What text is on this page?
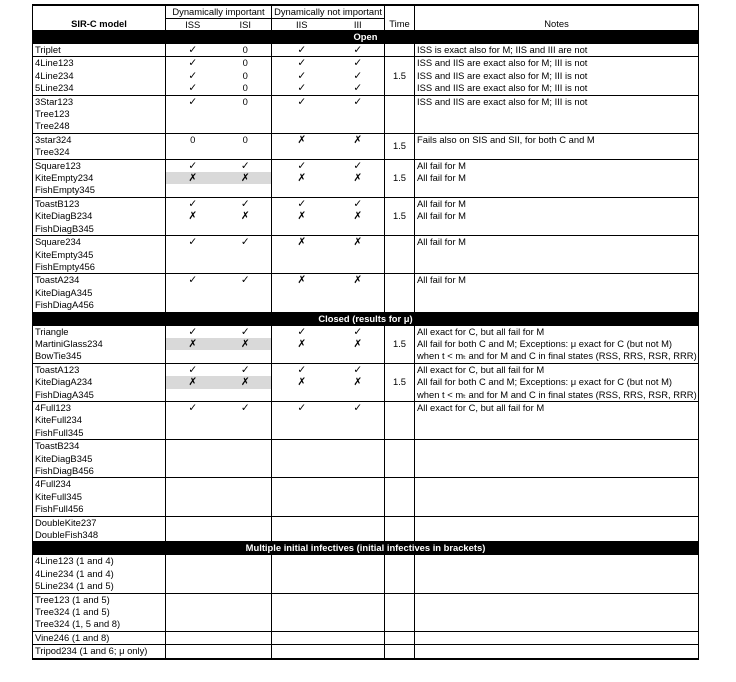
SIR-C model	Dynamically important		Dynamically not important		Time	Notes
	ISS	ISI	IIS	III		
Open						
Triplet	✓	0	✓	✓		ISS is exact also for M; IIS and III are not
4Line123	✓	0	✓	✓	1.5	ISS and IIS are exact also for M; III is not
4Line234	✓	0	✓	✓		ISS and IIS are exact also for M; III is not
5Line234	✓	0	✓	✓		ISS and IIS are exact also for M; III is not
3Star123	✓	0	✓	✓		ISS and IIS are exact also for M; III is not
Tree123						
Tree248						
3star324	0	0	✗	✗	1.5	Fails also on SIS and SII, for both C and M
Tree324						
Square123	✓	✓	✓	✓	1.5	All fail for M
KiteEmpty234	✗	✗	✗	✗		All fail for M
FishEmpty345						
ToastB123	✓	✓	✓	✓	1.5	All fail for M
KiteDiagB234	✗	✗	✗	✗		All fail for M
FishDiagB345						
Square234	✓	✓	✗	✗		All fail for M
KiteEmpty345						
FishEmpty456						
ToastA234	✓	✓	✗	✗		All fail for M
KiteDiagA345						
FishDiagA456						
Closed (results for μ)						
Triangle	✓	✓	✓	✓	1.5	All exact for C, but all fail for M
MartiniGlass234	✗	✗	✗	✗		All fail for both C and M; Exceptions: μ exact for C (but not M)
BowTie345						when t < mₜ and for M and C in final states (RSS, RRS, RSR, RRR)
ToastA123	✓	✓	✓	✓	1.5	All exact for C, but all fail for M
KiteDiagA234	✗	✗	✗	✗		All fail for both C and M; Exceptions: μ exact for C (but not M)
FishDiagA345						when t < mₜ and for M and C in final states (RSS, RRS, RSR, RRR)
4Full123	✓	✓	✓	✓		All exact for C, but all fail for M
KiteFull234						
FishFull345						
ToastB234						
KiteDiagB345						
FishDiagB456						
4Full234						
KiteFull345						
FishFull456						
DoubleKite237						
DoubleFish348						
Multiple initial infectives (initial infectives in brackets)						
4Line123 (1 and 4)						
4Line234 (1 and 4)						
5Line234 (1 and 5)						
Tree123 (1 and 5)						
Tree324 (1 and 5)						
Tree324 (1, 5 and 8)						
Vine246 (1 and 8)						
Tripod234 (1 and 6; μ only)						
